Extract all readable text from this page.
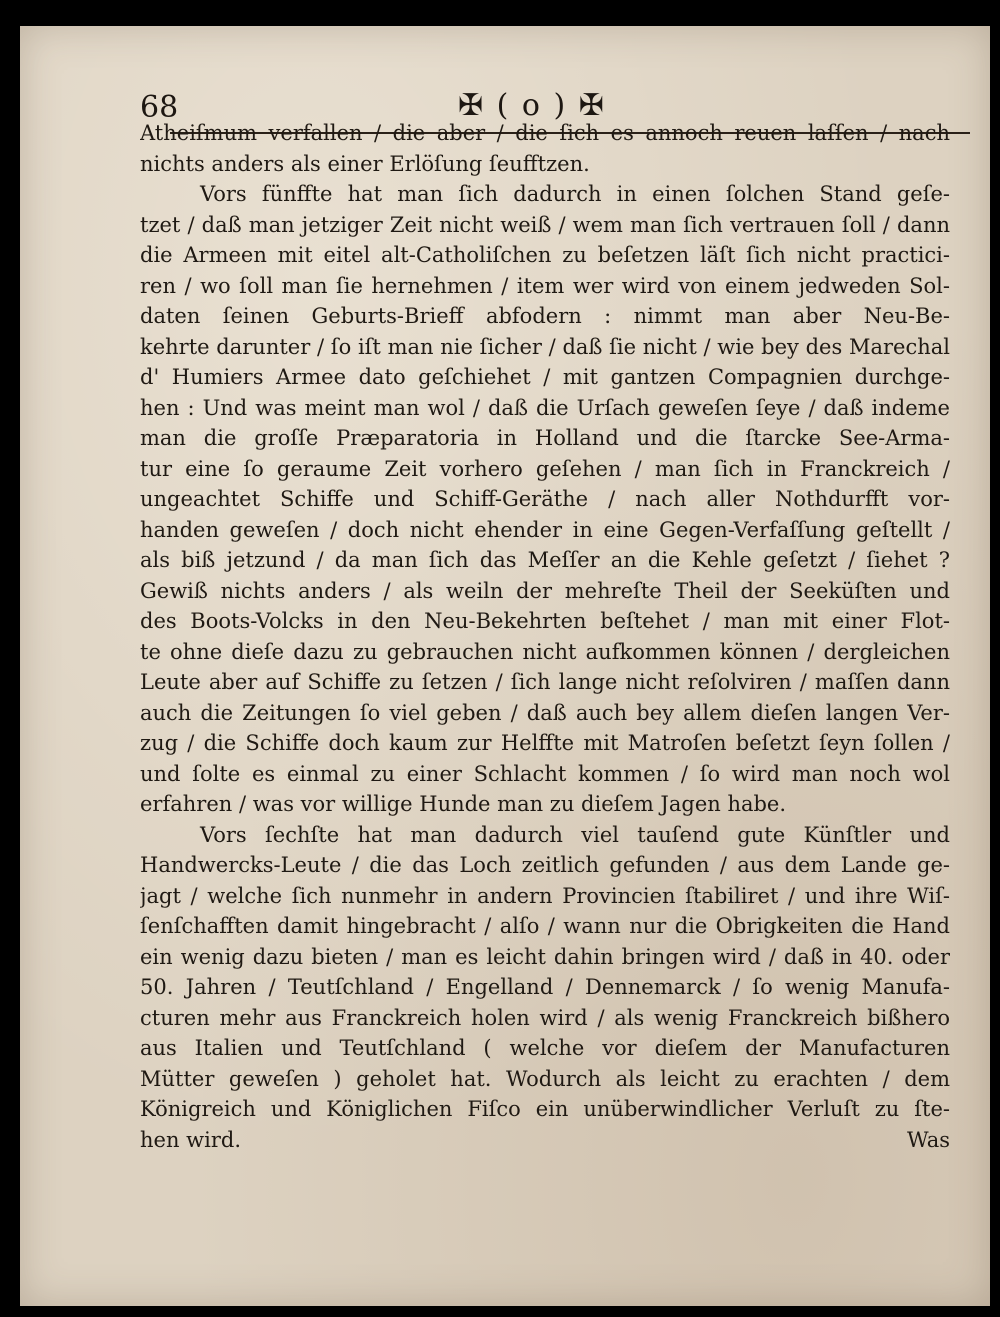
68	✠ ( o ) ✠
Atheiſmum verfallen / die aber / die ſich es annoch reuen laſſen / nach
nichts anders als einer Erlöſung ſeufftzen.
Vors fünffte hat man ſich dadurch in einen ſolchen Stand geſe-
tzet / daß man jetziger Zeit nicht weiß / wem man ſich vertrauen ſoll / dann
die Armeen mit eitel alt-Catholiſchen zu beſetzen läſt ſich nicht practici-
ren / wo ſoll man ſie hernehmen / item wer wird von einem jedweden Sol-
daten ſeinen Geburts-Brieff abfodern : nimmt man aber Neu-Be-
kehrte darunter / ſo iſt man nie ſicher / daß ſie nicht / wie bey des Marechal
d' Humiers Armee dato geſchiehet / mit gantzen Compagnien durchge-
hen : Und was meint man wol / daß die Urſach geweſen ſeye / daß indeme
man die groſſe Præparatoria in Holland und die ſtarcke See-Arma-
tur eine ſo geraume Zeit vorhero geſehen / man ſich in Franckreich /
ungeachtet Schiffe und Schiff-Geräthe / nach aller Nothdurfft vor-
handen geweſen / doch nicht ehender in eine Gegen-Verfaſſung geſtellt /
als biß jetzund / da man ſich das Meſſer an die Kehle geſetzt / ſiehet ?
Gewiß nichts anders / als weiln der mehreſte Theil der Seeküſten und
des Boots-Volcks in den Neu-Bekehrten beſtehet / man mit einer Flot-
te ohne dieſe dazu zu gebrauchen nicht aufkommen können / dergleichen
Leute aber auf Schiffe zu ſetzen / ſich lange nicht reſolviren / maſſen dann
auch die Zeitungen ſo viel geben / daß auch bey allem dieſen langen Ver-
zug / die Schiffe doch kaum zur Helffte mit Matroſen beſetzt ſeyn ſollen /
und ſolte es einmal zu einer Schlacht kommen / ſo wird man noch wol
erfahren / was vor willige Hunde man zu dieſem Jagen habe.
Vors ſechſte hat man dadurch viel tauſend gute Künſtler und
Handwercks-Leute / die das Loch zeitlich gefunden / aus dem Lande ge-
jagt / welche ſich nunmehr in andern Provincien ſtabiliret / und ihre Wiſ-
ſenſchafften damit hingebracht / alſo / wann nur die Obrigkeiten die Hand
ein wenig dazu bieten / man es leicht dahin bringen wird / daß in 40. oder
50. Jahren / Teutſchland / Engelland / Dennemarck / ſo wenig Manufa-
cturen mehr aus Franckreich holen wird / als wenig Franckreich bißhero
aus Italien und Teutſchland ( welche vor dieſem der Manufacturen
Mütter geweſen ) geholet hat. Wodurch als leicht zu erachten / dem
Königreich und Königlichen Fiſco ein unüberwindlicher Verluſt zu ſte-
hen wird.	Was
